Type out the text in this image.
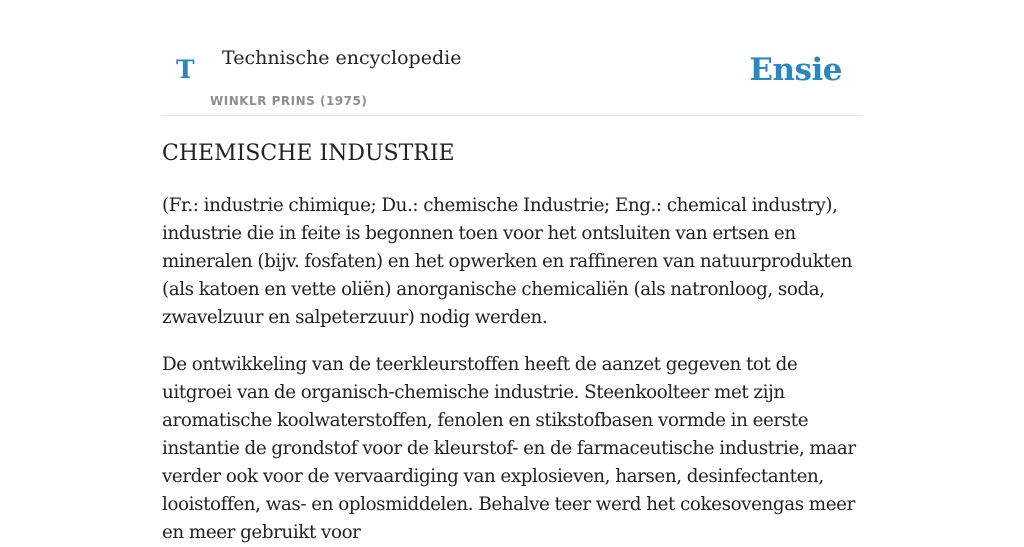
T Technische encyclopedie
WINKLR PRINS (1975)
Ensie
CHEMISCHE INDUSTRIE

(Fr.: industrie chimique; Du.: chemische Industrie; Eng.: chemical industry), industrie die in feite is begonnen toen voor het ontsluiten van ertsen en mineralen (bijv. fosfaten) en het opwerken en raffineren van natuurprodukten (als katoen en vette oliën) anorganische chemicaliën (als natronloog, soda, zwavelzuur en salpeterzuur) nodig werden.

De ontwikkeling van de teerkleurstoffen heeft de aanzet gegeven tot de uitgroei van de organisch-chemische industrie. Steenkoolteer met zijn aromatische koolwaterstoffen, fenolen en stikstofbasen vormde in eerste instantie de grondstof voor de kleurstof- en de farmaceutische industrie, maar verder ook voor de vervaardiging van explosieven, harsen, desinfectanten, looistoffen, was- en oplosmiddelen. Behalve teer werd het cokesovengas meer en meer gebruikt voor
